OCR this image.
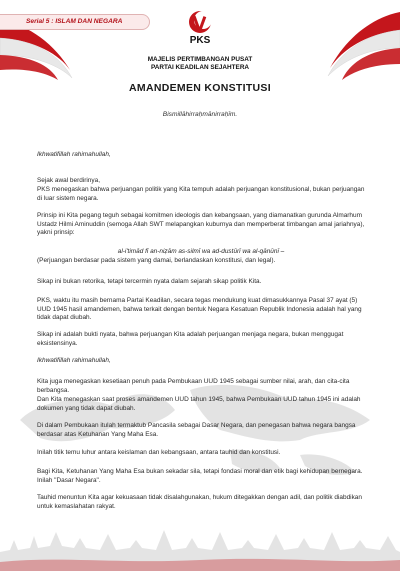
Serial 5 : ISLAM DAN NEGARA
PKS
MAJELIS PERTIMBANGAN PUSAT
PARTAI KEADILAN SEJAHTERA
AMANDEMEN KONSTITUSI
Bismillāhirraḥmānirraḥīm.

Ikhwatifillah rahimahullah,

Sejak awal berdirinya,

PKS menegaskan bahwa perjuangan politik yang Kita tempuh adalah perjuangan konstitusional, bukan perjuangan di luar sistem negara.

Prinsip ini Kita pegang teguh sebagai komitmen ideologis dan kebangsaan, yang diamanatkan gurunda Almarhum Ustadz Hilmi Aminuddin (semoga Allah SWT melapangkan kuburnya dan memperberat timbangan amal jariahnya), yakni prinsip:

al-i'timād fī an-niẓām as-silmī wa ad-dustūrī wa al-qānūnī –

(Perjuangan berdasar pada sistem yang damai, berlandaskan konstitusi, dan legal).

Sikap ini bukan retorika, tetapi tercermin nyata dalam sejarah sikap politik Kita.

PKS, waktu itu masih bernama Partai Keadilan, secara tegas mendukung kuat dimasukkannya Pasal 37 ayat (5) UUD 1945 hasil amandemen, bahwa terkait dengan bentuk Negara Kesatuan Republik Indonesia adalah hal yang tidak dapat diubah.

Sikap ini adalah bukti nyata, bahwa perjuangan Kita adalah perjuangan menjaga negara, bukan menggugat eksistensinya.

Ikhwatifillah rahimahullah,

Kita juga menegaskan kesetiaan penuh pada Pembukaan UUD 1945 sebagai sumber nilai, arah, dan cita-cita berbangsa.

Dan Kita menegaskan saat proses amandemen UUD tahun 1945, bahwa Pembukaan UUD tahun 1945 ini adalah dokumen yang tidak dapat diubah.

Di dalam Pembukaan itulah termaktub Pancasila sebagai Dasar Negara, dan penegasan bahwa negara bangsa berdasar atas Ketuhanan Yang Maha Esa.

Inilah titik temu luhur antara keislaman dan kebangsaan, antara tauhid dan konstitusi.

Bagi Kita, Ketuhanan Yang Maha Esa bukan sekadar sila, tetapi fondasi moral dan etik bagi kehidupan bernegara. Inilah "Dasar Negara".

Tauhid menuntun Kita agar kekuasaan tidak disalahgunakan, hukum ditegakkan dengan adil, dan politik diabdikan untuk kemaslahatan rakyat.
